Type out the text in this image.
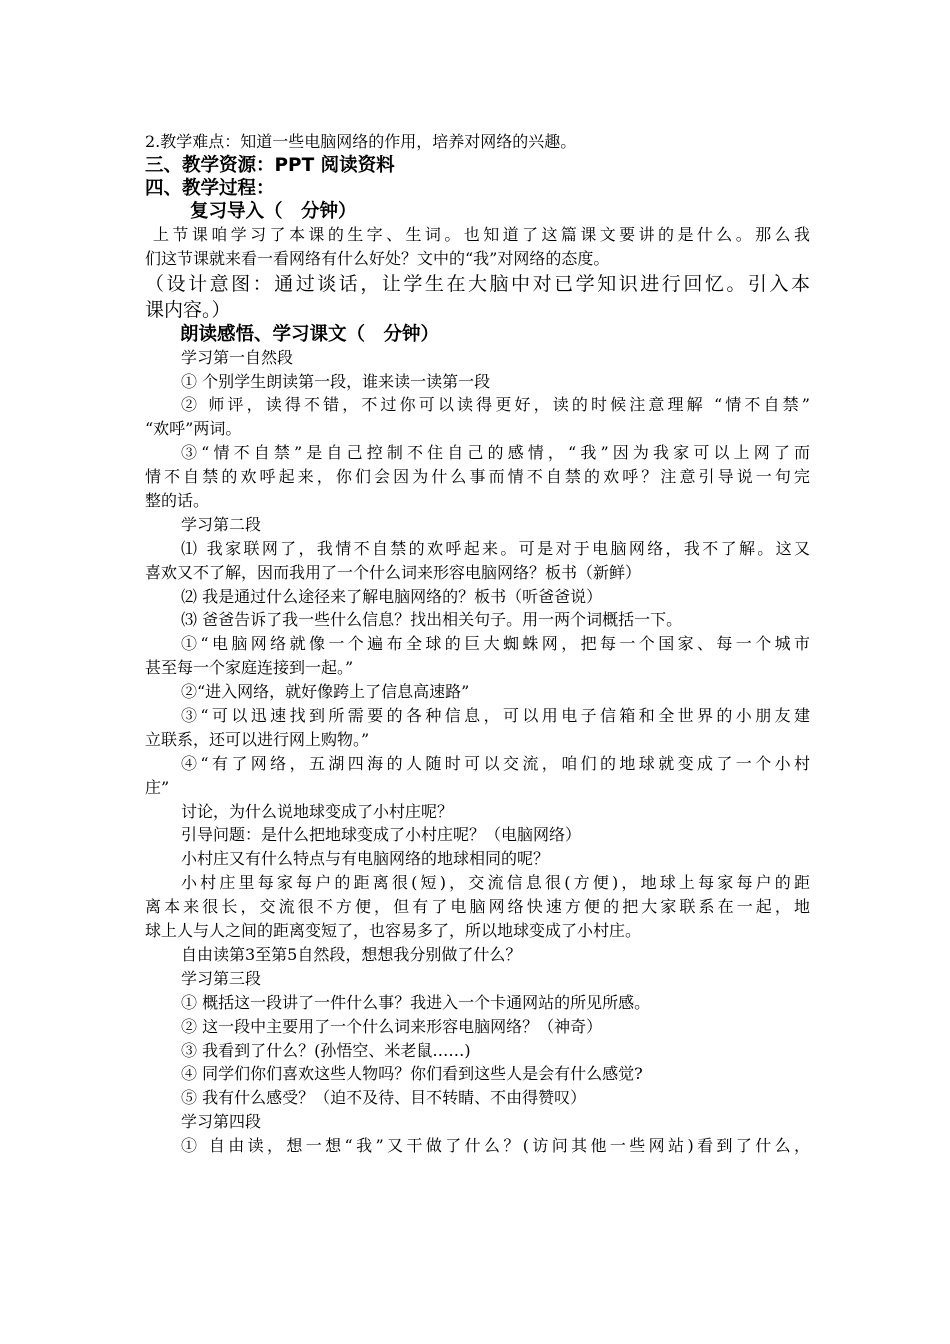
2.教学难点：知道一些电脑网络的作用，培养对网络的兴趣。
三、教学资源：PPT 阅读资料
四、教学过程：
复习导入（　分钟）
上节课咱学习了本课的生字、生词。也知道了这篇课文要讲的是什么。那么我
们这节课就来看一看网络有什么好处？文中的“我”对网络的态度。
（设计意图：通过谈话，让学生在大脑中对已学知识进行回忆。引入本
课内容。）
朗读感悟、学习课文（　分钟）
学习第一自然段
① 个别学生朗读第一段，谁来读一读第一段
② 师评，读得不错，不过你可以读得更好，读的时候注意理解 “情不自禁”
“欢呼”两词。
③“情不自禁”是自己控制不住自己的感情，“我”因为我家可以上网了而
情不自禁的欢呼起来，你们会因为什么事而情不自禁的欢呼？注意引导说一句完
整的话。
学习第二段
⑴ 我家联网了，我情不自禁的欢呼起来。可是对于电脑网络，我不了解。这又
喜欢又不了解，因而我用了一个什么词来形容电脑网络？板书（新鲜）
⑵ 我是通过什么途径来了解电脑网络的？板书（听爸爸说）
⑶ 爸爸告诉了我一些什么信息？找出相关句子。用一两个词概括一下。
①“电脑网络就像一个遍布全球的巨大蜘蛛网，把每一个国家、每一个城市
甚至每一个家庭连接到一起。”
②“进入网络，就好像跨上了信息高速路”
③“可以迅速找到所需要的各种信息，可以用电子信箱和全世界的小朋友建
立联系，还可以进行网上购物。”
④“有了网络，五湖四海的人随时可以交流，咱们的地球就变成了一个小村
庄”
讨论，为什么说地球变成了小村庄呢？
引导问题：是什么把地球变成了小村庄呢？（电脑网络）
小村庄又有什么特点与有电脑网络的地球相同的呢？
小村庄里每家每户的距离很(短)，交流信息很(方便)，地球上每家每户的距
离本来很长，交流很不方便，但有了电脑网络快速方便的把大家联系在一起，地
球上人与人之间的距离变短了，也容易多了，所以地球变成了小村庄。
自由读第3至第5自然段，想想我分别做了什么？
学习第三段
① 概括这一段讲了一件什么事？我进入一个卡通网站的所见所感。
② 这一段中主要用了一个什么词来形容电脑网络？（神奇）
③ 我看到了什么？(孙悟空、米老鼠……)
④ 同学们你们喜欢这些人物吗？你们看到这些人是会有什么感觉?
⑤ 我有什么感受？（迫不及待、目不转睛、不由得赞叹）
学习第四段
① 自由读，想一想“我”又干做了什么？(访问其他一些网站)看到了什么，
